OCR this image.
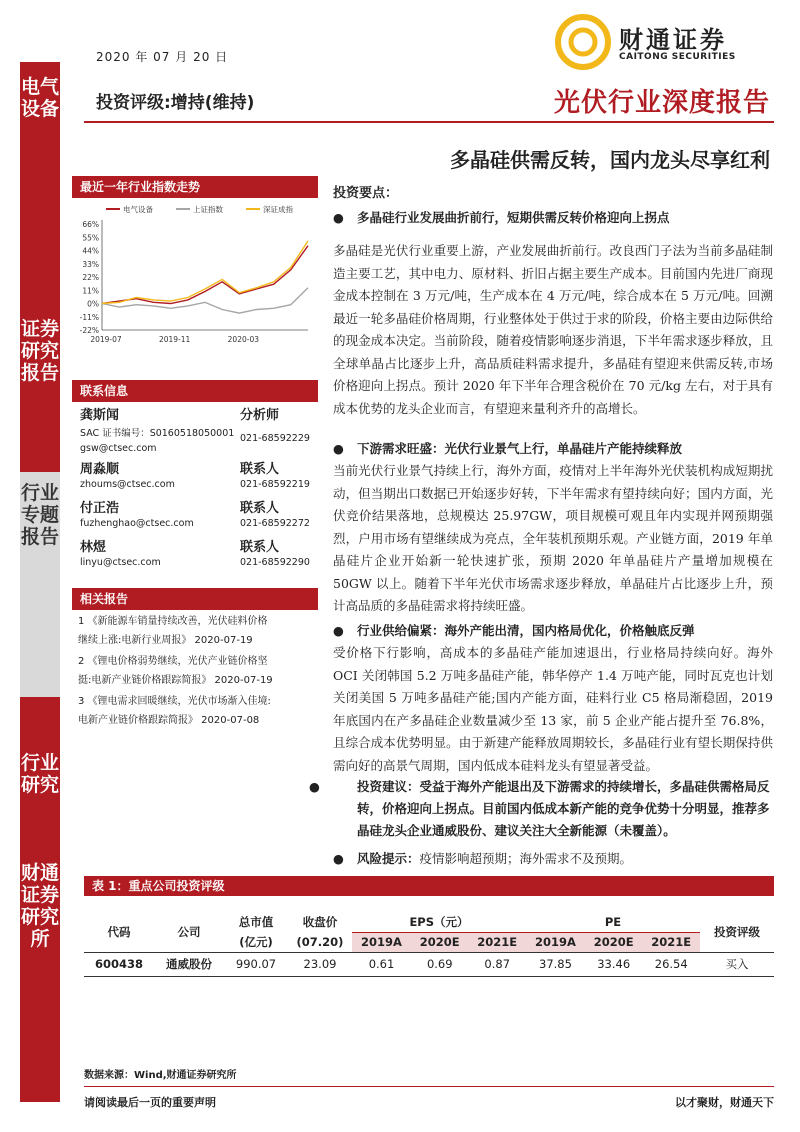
电气设备
证券研究报告
行业专题报告
行业研究
财通证券研究所
2020 年 07 月 20 日
财通证券
CAITONG SECURITIES
投资评级:增持(维持)	光伏行业深度报告
多晶硅供需反转，国内龙头尽享红利
最近一年行业指数走势
电气设备	上证指数	深证成指
66%
55%
44%
33%
22%
11%
0%
-11%
-22%
2019-07	2019-11	2020-03
联系信息
龚斯闻	分析师
SAC 证书编号：S0160518050001 021-68592229
gsw@ctsec.com
周淼顺	联系人
zhoums@ctsec.com	021-68592219
付正浩	联系人
fuzhenghao@ctsec.com	021-68592272
林煜	联系人
linyu@ctsec.com	021-68592290
相关报告
1 《新能源车销量持续改善，光伏硅料价格
继续上涨:电新行业周报》 2020-07-19
2 《锂电价格弱势继续，光伏产业链价格坚
挺:电新产业链价格跟踪简报》 2020-07-19
3 《锂电需求回暖继续，光伏市场渐入佳境:
电新产业链价格跟踪简报》 2020-07-08
投资要点：
● 多晶硅行业发展曲折前行，短期供需反转价格迎向上拐点
多晶硅是光伏行业重要上游，产业发展曲折前行。改良西门子法为当前多晶硅制造主要工艺，其中电力、原材料、折旧占据主要生产成本。目前国内先进厂商现金成本控制在 3 万元/吨，生产成本在 4 万元/吨，综合成本在 5 万元/吨。回溯最近一轮多晶硅价格周期，行业整体处于供过于求的阶段，价格主要由边际供给的现金成本决定。当前阶段，随着疫情影响逐步消退，下半年需求逐步释放，且全球单晶占比逐步上升，高品质硅料需求提升，多晶硅有望迎来供需反转,市场价格迎向上拐点。预计 2020 年下半年合理含税价在 70 元/kg 左右，对于具有成本优势的龙头企业而言，有望迎来量利齐升的高增长。
● 下游需求旺盛：光伏行业景气上行，单晶硅片产能持续释放
当前光伏行业景气持续上行，海外方面，疫情对上半年海外光伏装机构成短期扰动，但当期出口数据已开始逐步好转，下半年需求有望持续向好；国内方面，光伏竞价结果落地，总规模达 25.97GW，项目规模可观且年内实现并网预期强烈，户用市场有望继续成为亮点，全年装机预期乐观。产业链方面，2019 年单晶硅片企业开始新一轮快速扩张，预期 2020 年单晶硅片产量增加规模在 50GW 以上。随着下半年光伏市场需求逐步释放，单晶硅片占比逐步上升，预计高品质的多晶硅需求将持续旺盛。
● 行业供给偏紧：海外产能出清，国内格局优化，价格触底反弹
受价格下行影响，高成本的多晶硅产能加速退出，行业格局持续向好。海外 OCI 关闭韩国 5.2 万吨多晶硅产能，韩华停产 1.4 万吨产能，同时瓦克也计划关闭美国 5 万吨多晶硅产能;国内产能方面，硅料行业 C5 格局渐稳固，2019 年底国内在产多晶硅企业数量减少至 13 家，前 5 企业产能占提升至 76.8%，且综合成本优势明显。由于新建产能释放周期较长，多晶硅行业有望长期保持供需向好的高景气周期，国内低成本硅料龙头有望显著受益。
●	投资建议：受益于海外产能退出及下游需求的持续增长，多晶硅供需格局反转，价格迎向上拐点。目前国内低成本新产能的竞争优势十分明显，推荐多晶硅龙头企业通威股份、建议关注大全新能源（未覆盖）。
● 风险提示：疫情影响超预期；海外需求不及预期。
表 1：重点公司投资评级
代码	公司	总市值	收盘价	EPS（元）			PE			投资评级
		(亿元)	(07.20)	2019A	2020E	2021E	2019A	2020E	2021E	
600438	通威股份	990.07	23.09	0.61	0.69	0.87	37.85	33.46	26.54	买入
数据来源：Wind,财通证券研究所
请阅读最后一页的重要声明	以才聚财，财通天下
